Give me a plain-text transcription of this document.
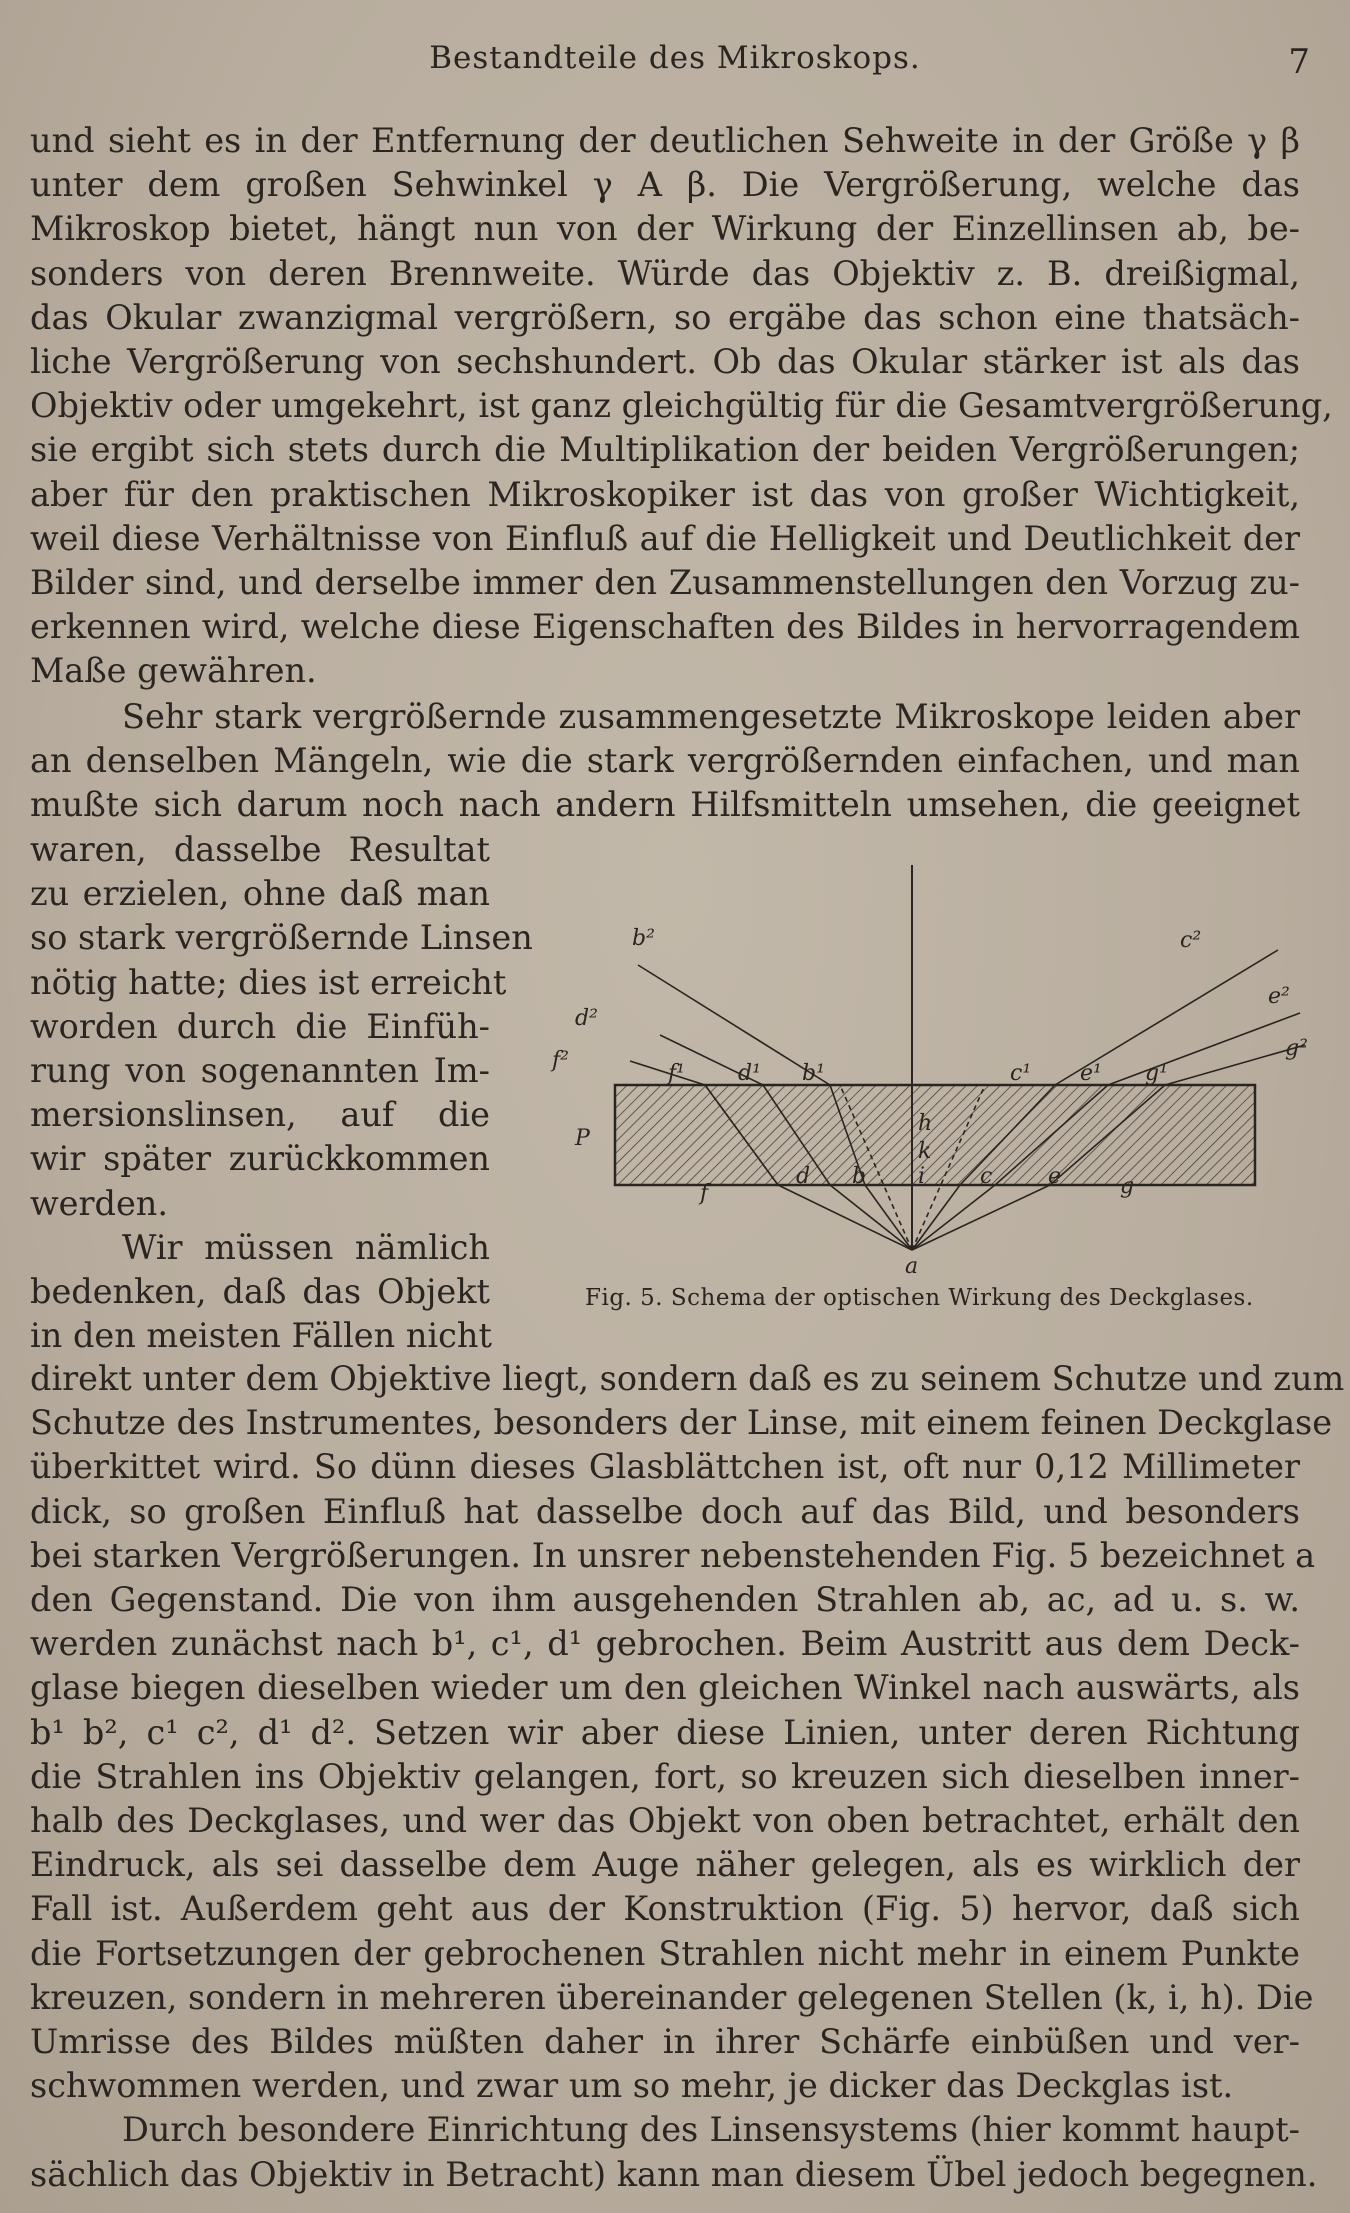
Bestandteile des Mikroskops.	7
und sieht es in der Entfernung der deutlichen Sehweite in der Größe γ β
unter dem großen Sehwinkel γ A β. Die Vergrößerung, welche das
Mikroskop bietet, hängt nun von der Wirkung der Einzellinsen ab, be-
sonders von deren Brennweite. Würde das Objektiv z. B. dreißigmal,
das Okular zwanzigmal vergrößern, so ergäbe das schon eine thatsäch-
liche Vergrößerung von sechshundert. Ob das Okular stärker ist als das
Objektiv oder umgekehrt, ist ganz gleichgültig für die Gesamtvergrößerung,
sie ergibt sich stets durch die Multiplikation der beiden Vergrößerungen;
aber für den praktischen Mikroskopiker ist das von großer Wichtigkeit,
weil diese Verhältnisse von Einfluß auf die Helligkeit und Deutlichkeit der
Bilder sind, und derselbe immer den Zusammenstellungen den Vorzug zu-
erkennen wird, welche diese Eigenschaften des Bildes in hervorragendem
Maße gewähren.
Sehr stark vergrößernde zusammengesetzte Mikroskope leiden aber
an denselben Mängeln, wie die stark vergrößernden einfachen, und man
mußte sich darum noch nach andern Hilfsmitteln umsehen, die geeignet
waren, dasselbe Resultat
zu erzielen, ohne daß man
so stark vergrößernde Linsen
nötig hatte; dies ist erreicht
worden durch die Einfüh-
rung von sogenannten Im-
mersionslinsen, auf die
wir später zurückkommen
werden.
Wir müssen nämlich
bedenken, daß das Objekt
in den meisten Fällen nicht
b²	c²
d²
e²
f²	g²
f¹ d¹ b¹	c¹ e¹ g¹
P
a
f
d b
h
k
i c	e	g
Fig. 5. Schema der optischen Wirkung des Deckglases.
direkt unter dem Objektive liegt, sondern daß es zu seinem Schutze und zum
Schutze des Instrumentes, besonders der Linse, mit einem feinen Deckglase
überkittet wird. So dünn dieses Glasblättchen ist, oft nur 0,12 Millimeter
dick, so großen Einfluß hat dasselbe doch auf das Bild, und besonders
bei starken Vergrößerungen. In unsrer nebenstehenden Fig. 5 bezeichnet a
den Gegenstand. Die von ihm ausgehenden Strahlen ab, ac, ad u. s. w.
werden zunächst nach b¹, c¹, d¹ gebrochen. Beim Austritt aus dem Deck-
glase biegen dieselben wieder um den gleichen Winkel nach auswärts, als
b¹ b², c¹ c², d¹ d². Setzen wir aber diese Linien, unter deren Richtung
die Strahlen ins Objektiv gelangen, fort, so kreuzen sich dieselben inner-
halb des Deckglases, und wer das Objekt von oben betrachtet, erhält den
Eindruck, als sei dasselbe dem Auge näher gelegen, als es wirklich der
Fall ist. Außerdem geht aus der Konstruktion (Fig. 5) hervor, daß sich
die Fortsetzungen der gebrochenen Strahlen nicht mehr in einem Punkte
kreuzen, sondern in mehreren übereinander gelegenen Stellen (k, i, h). Die
Umrisse des Bildes müßten daher in ihrer Schärfe einbüßen und ver-
schwommen werden, und zwar um so mehr, je dicker das Deckglas ist.
Durch besondere Einrichtung des Linsensystems (hier kommt haupt-
sächlich das Objektiv in Betracht) kann man diesem Übel jedoch begegnen.
